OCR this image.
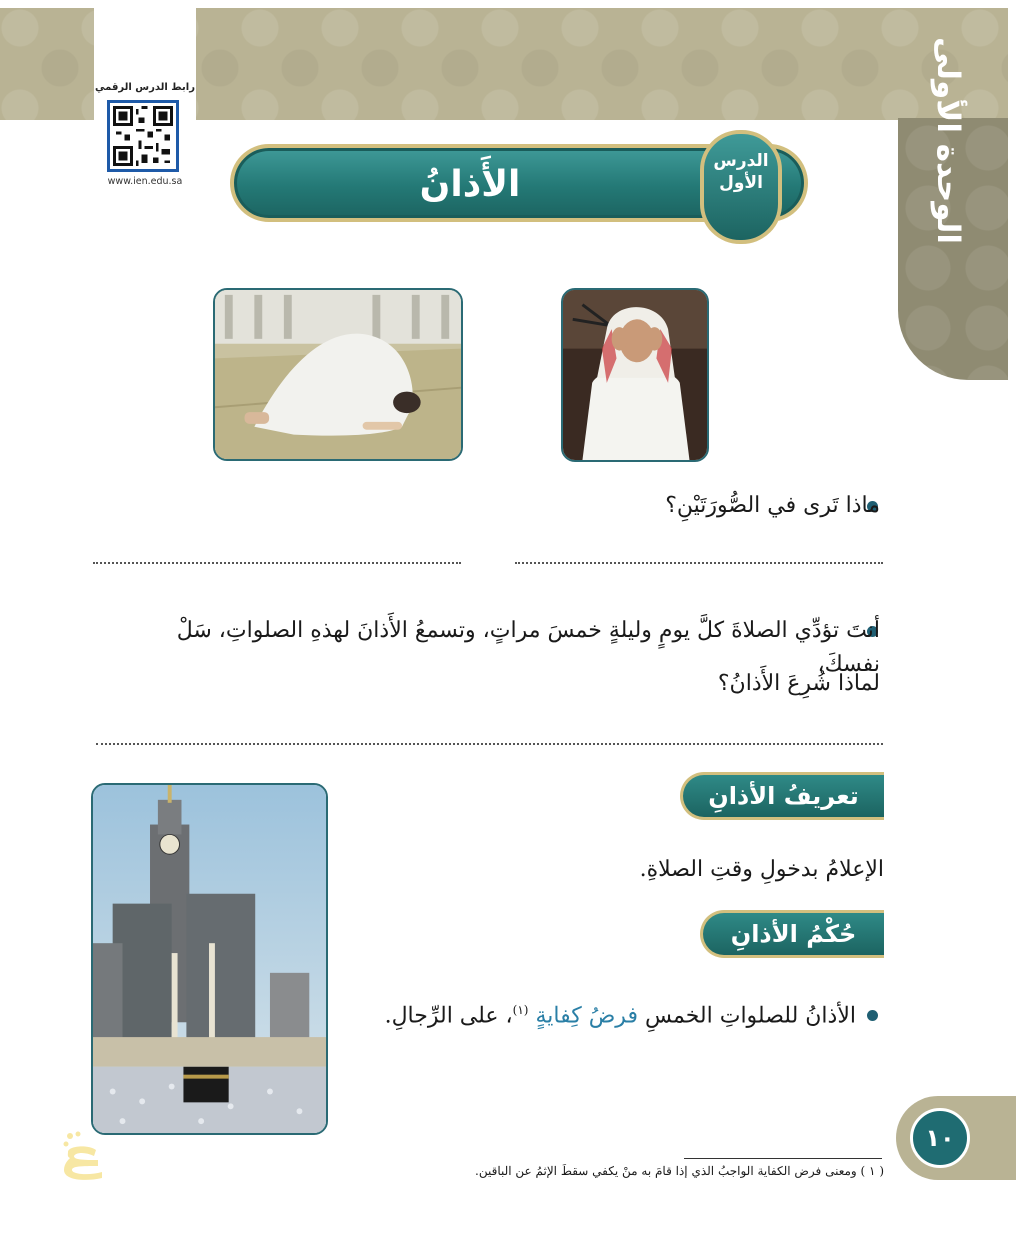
رابط الدرس الرقمي
www.ien.edu.sa	الوحدة الأولى
الأَذانُ
الدرس
الأول
ماذا تَرى في الصُّورَتَيْنِ؟
أنتَ تؤدِّي الصلاةَ كلَّ يومٍ وليلةٍ خمسَ مراتٍ، وتسمعُ الأَذانَ لهذهِ الصلواتِ، سَلْ نفسكَ،
لماذا شُرِعَ الأَذانُ؟
تعريفُ الأذانِ
الإعلامُ بدخولِ وقتِ الصلاةِ.
حُكْمُ الأذانِ
الأذانُ للصلواتِ الخمسِ فرضُ كِفايةٍ $^{(١)}$، على الرِّجالِ.
١٠
( ١ ) ومعنى فرض الكفاية الواجبُ الذي إذا قامَ به منْ يكفي سقطَ الإثمُ عن الباقين.
